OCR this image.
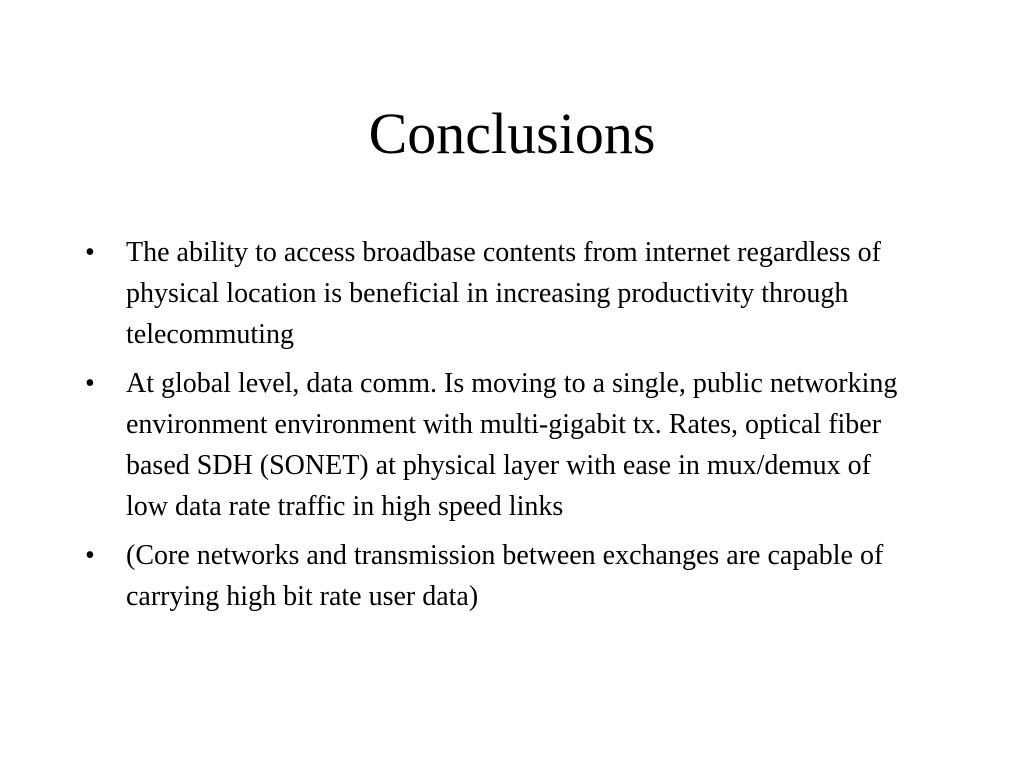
Conclusions
•	The ability to access broadbase contents from internet regardless of physical location is beneficial in increasing productivity through telecommuting
•	At global level, data comm. Is moving to a single, public networking environment environment with multi-gigabit tx. Rates, optical fiber based SDH (SONET) at physical layer with ease in mux/demux of low data rate traffic in high speed links
•	(Core networks and transmission between exchanges are capable of carrying high bit rate user data)
